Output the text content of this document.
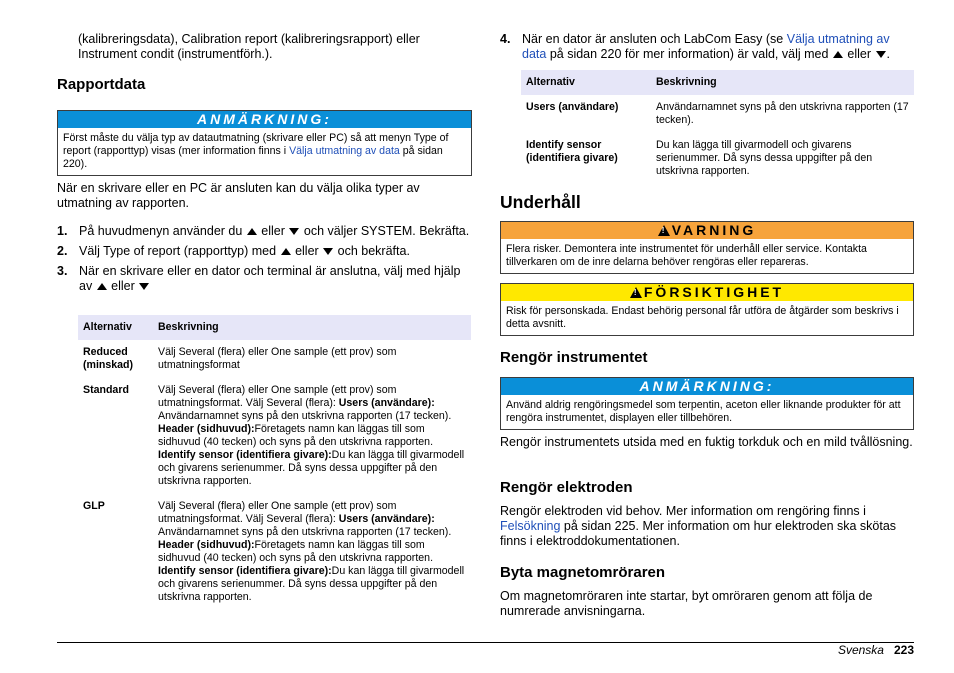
(kalibreringsdata), Calibration report (kalibreringsrapport) eller Instrument condit (instrumentförh.).

Rapportdata
ANMÄRKNING:
Först måste du välja typ av datautmatning (skrivare eller PC) så att menyn Type of report (rapporttyp) visas (mer information finns i Välja utmatning av data på sidan 220).

När en skrivare eller en PC är ansluten kan du välja olika typer av utmatning av rapporten.

1. På huvudmenyn använder du eller och väljer SYSTEM. Bekräfta.
2. Välj Type of report (rapporttyp) med eller och bekräfta.
3. När en skrivare eller en dator och terminal är anslutna, välj med hjälp av eller
Alternativ	Beskrivning
Reduced (minskad)	Välj Several (flera) eller One sample (ett prov) som utmatningsformat
Standard	Välj Several (flera) eller One sample (ett prov) som utmatningsformat. Välj Several (flera): Users (användare): Användarnamnet syns på den utskrivna rapporten (17 tecken). Header (sidhuvud):Företagets namn kan läggas till som sidhuvud (40 tecken) och syns på den utskrivna rapporten. Identify sensor (identifiera givare):Du kan lägga till givarmodell och givarens serienummer. Då syns dessa uppgifter på den utskrivna rapporten.
GLP	Välj Several (flera) eller One sample (ett prov) som utmatningsformat. Välj Several (flera): Users (användare): Användarnamnet syns på den utskrivna rapporten (17 tecken). Header (sidhuvud):Företagets namn kan läggas till som sidhuvud (40 tecken) och syns på den utskrivna rapporten. Identify sensor (identifiera givare):Du kan lägga till givarmodell och givarens serienummer. Då syns dessa uppgifter på den utskrivna rapporten.
4. När en dator är ansluten och LabCom Easy (se Välja utmatning av data på sidan 220 för mer information) är vald, välj med eller .
Alternativ	Beskrivning
Users (användare)	Användarnamnet syns på den utskrivna rapporten (17 tecken).
Identify sensor (identifiera givare)	Du kan lägga till givarmodell och givarens serienummer. Då syns dessa uppgifter på den utskrivna rapporten.
Underhåll
!VARNING
Flera risker. Demontera inte instrumentet för underhåll eller service. Kontakta tillverkaren om de inre delarna behöver rengöras eller repareras.
!FÖRSIKTIGHET
Risk för personskada. Endast behörig personal får utföra de åtgärder som beskrivs i detta avsnitt.
Rengör instrumentet
ANMÄRKNING:
Använd aldrig rengöringsmedel som terpentin, aceton eller liknande produkter för att rengöra instrumentet, displayen eller tillbehören.

Rengör instrumentets utsida med en fuktig torkduk och en mild tvållösning.

Rengör elektroden

Rengör elektroden vid behov. Mer information om rengöring finns i Felsökning på sidan 225. Mer information om hur elektroden ska skötas finns i elektroddokumentationen.

Byta magnetomröraren

Om magnetomröraren inte startar, byt omröraren genom att följa de numrerade anvisningarna.

Svenska 223
